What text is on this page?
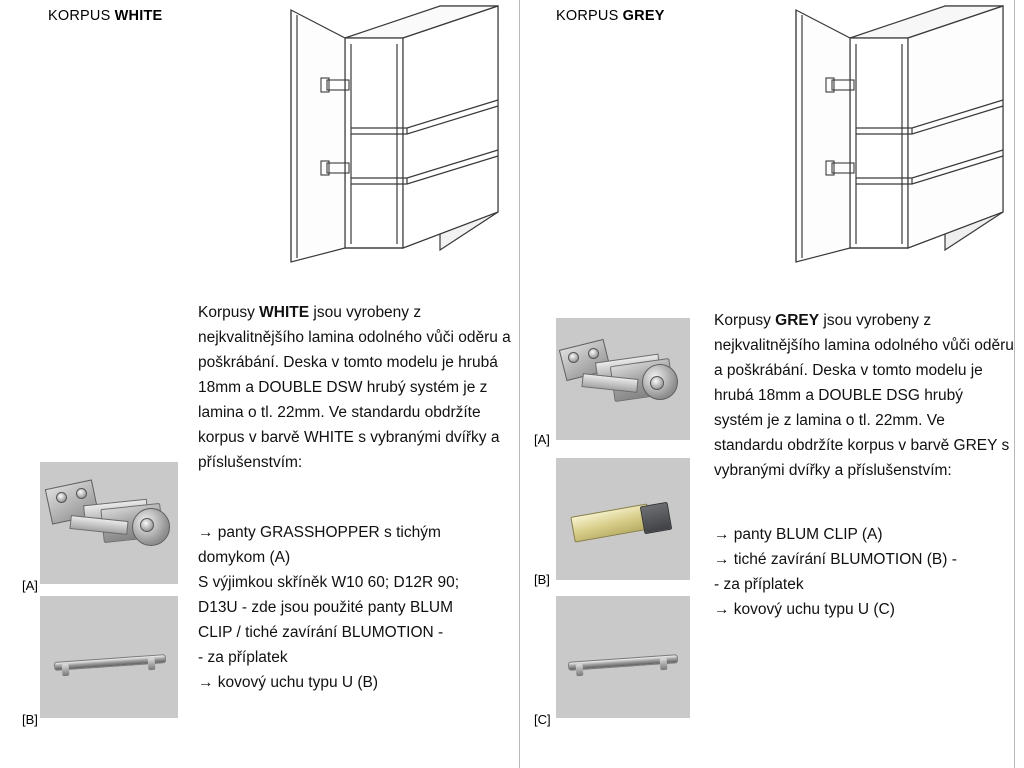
KORPUS WHITE
Korpusy WHITE jsou vyrobeny z nejkvalitnějšího lamina odolného vůči oděru a poškrábání. Deska v tomto modelu je hrubá 18mm a DOUBLE DSW hrubý systém je z lamina o tl. 22mm. Ve standardu obdržíte korpus v barvě WHITE s vybranými dvířky a příslušenstvím:
→ panty GRASSHOPPER s tichým
domykom (A)
S výjimkou skříněk W10 60; D12R 90;
D13U - zde jsou použité panty BLUM
CLIP / tiché zavírání BLUMOTION -
- za příplatek
→ kovový uchu typu U (B)
[A]
[B]
KORPUS GREY
Korpusy GREY jsou vyrobeny z nejkvalitnějšího lamina odolného vůči oděru a poškrábání. Deska v tomto modelu je hrubá 18mm a DOUBLE DSG hrubý systém je z lamina o tl. 22mm. Ve standardu obdržíte korpus v barvě GREY s vybranými dvířky a příslušenstvím:
→ panty BLUM CLIP (A)
→ tiché zavírání BLUMOTION (B) -
- za příplatek
→ kovový uchu typu U (C)
[A]
[B]
[C]
